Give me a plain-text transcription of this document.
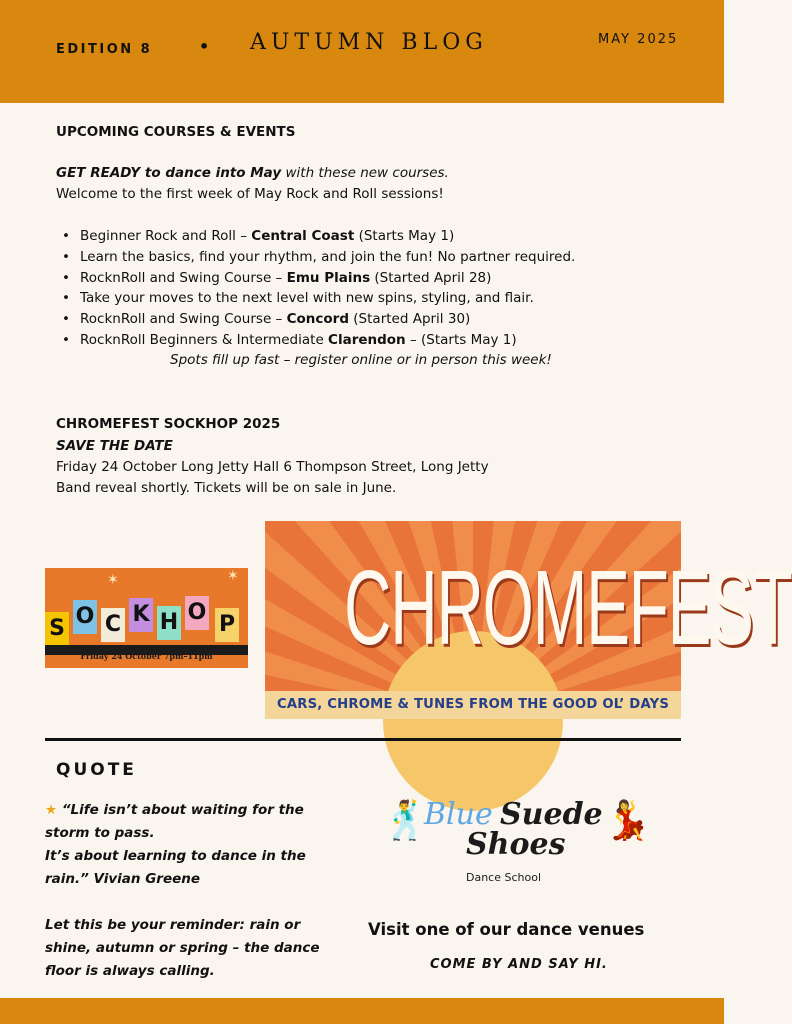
EDITION 8	• AUTUMN BLOG	MAY 2025
UPCOMING COURSES & EVENTS
GET READY to dance into May with these new courses.
Welcome to the first week of May Rock and Roll sessions!
• Beginner Rock and Roll – Central Coast (Starts May 1)
• Learn the basics, find your rhythm, and join the fun! No partner required.
• RocknRoll and Swing Course – Emu Plains (Started April 28)
• Take your moves to the next level with new spins, styling, and flair.
• RocknRoll and Swing Course – Concord (Started April 30)
• RocknRoll Beginners & Intermediate Clarendon – (Starts May 1)
Spots fill up fast – register online or in person this week!
CHROMEFEST SOCKHOP 2025
SAVE THE DATE
Friday 24 October Long Jetty Hall 6 Thompson Street, Long Jetty
Band reveal shortly. Tickets will be on sale in June.
✶	✶
S O C K H O P
Friday 24 October 7pm–11pm	CHROMEFEST
CARS, CHROME & TUNES FROM THE GOOD OL’ DAYS
QUOTE
★ “Life isn’t about waiting for the storm to pass.
It’s about learning to dance in the rain.” Vivian Greene

Let this be your reminder: rain or shine, autumn or spring – the dance floor is always calling.
🕺
Blue Suede
Shoes
💃
Dance School
Visit one of our dance venues
COME BY AND SAY HI.
